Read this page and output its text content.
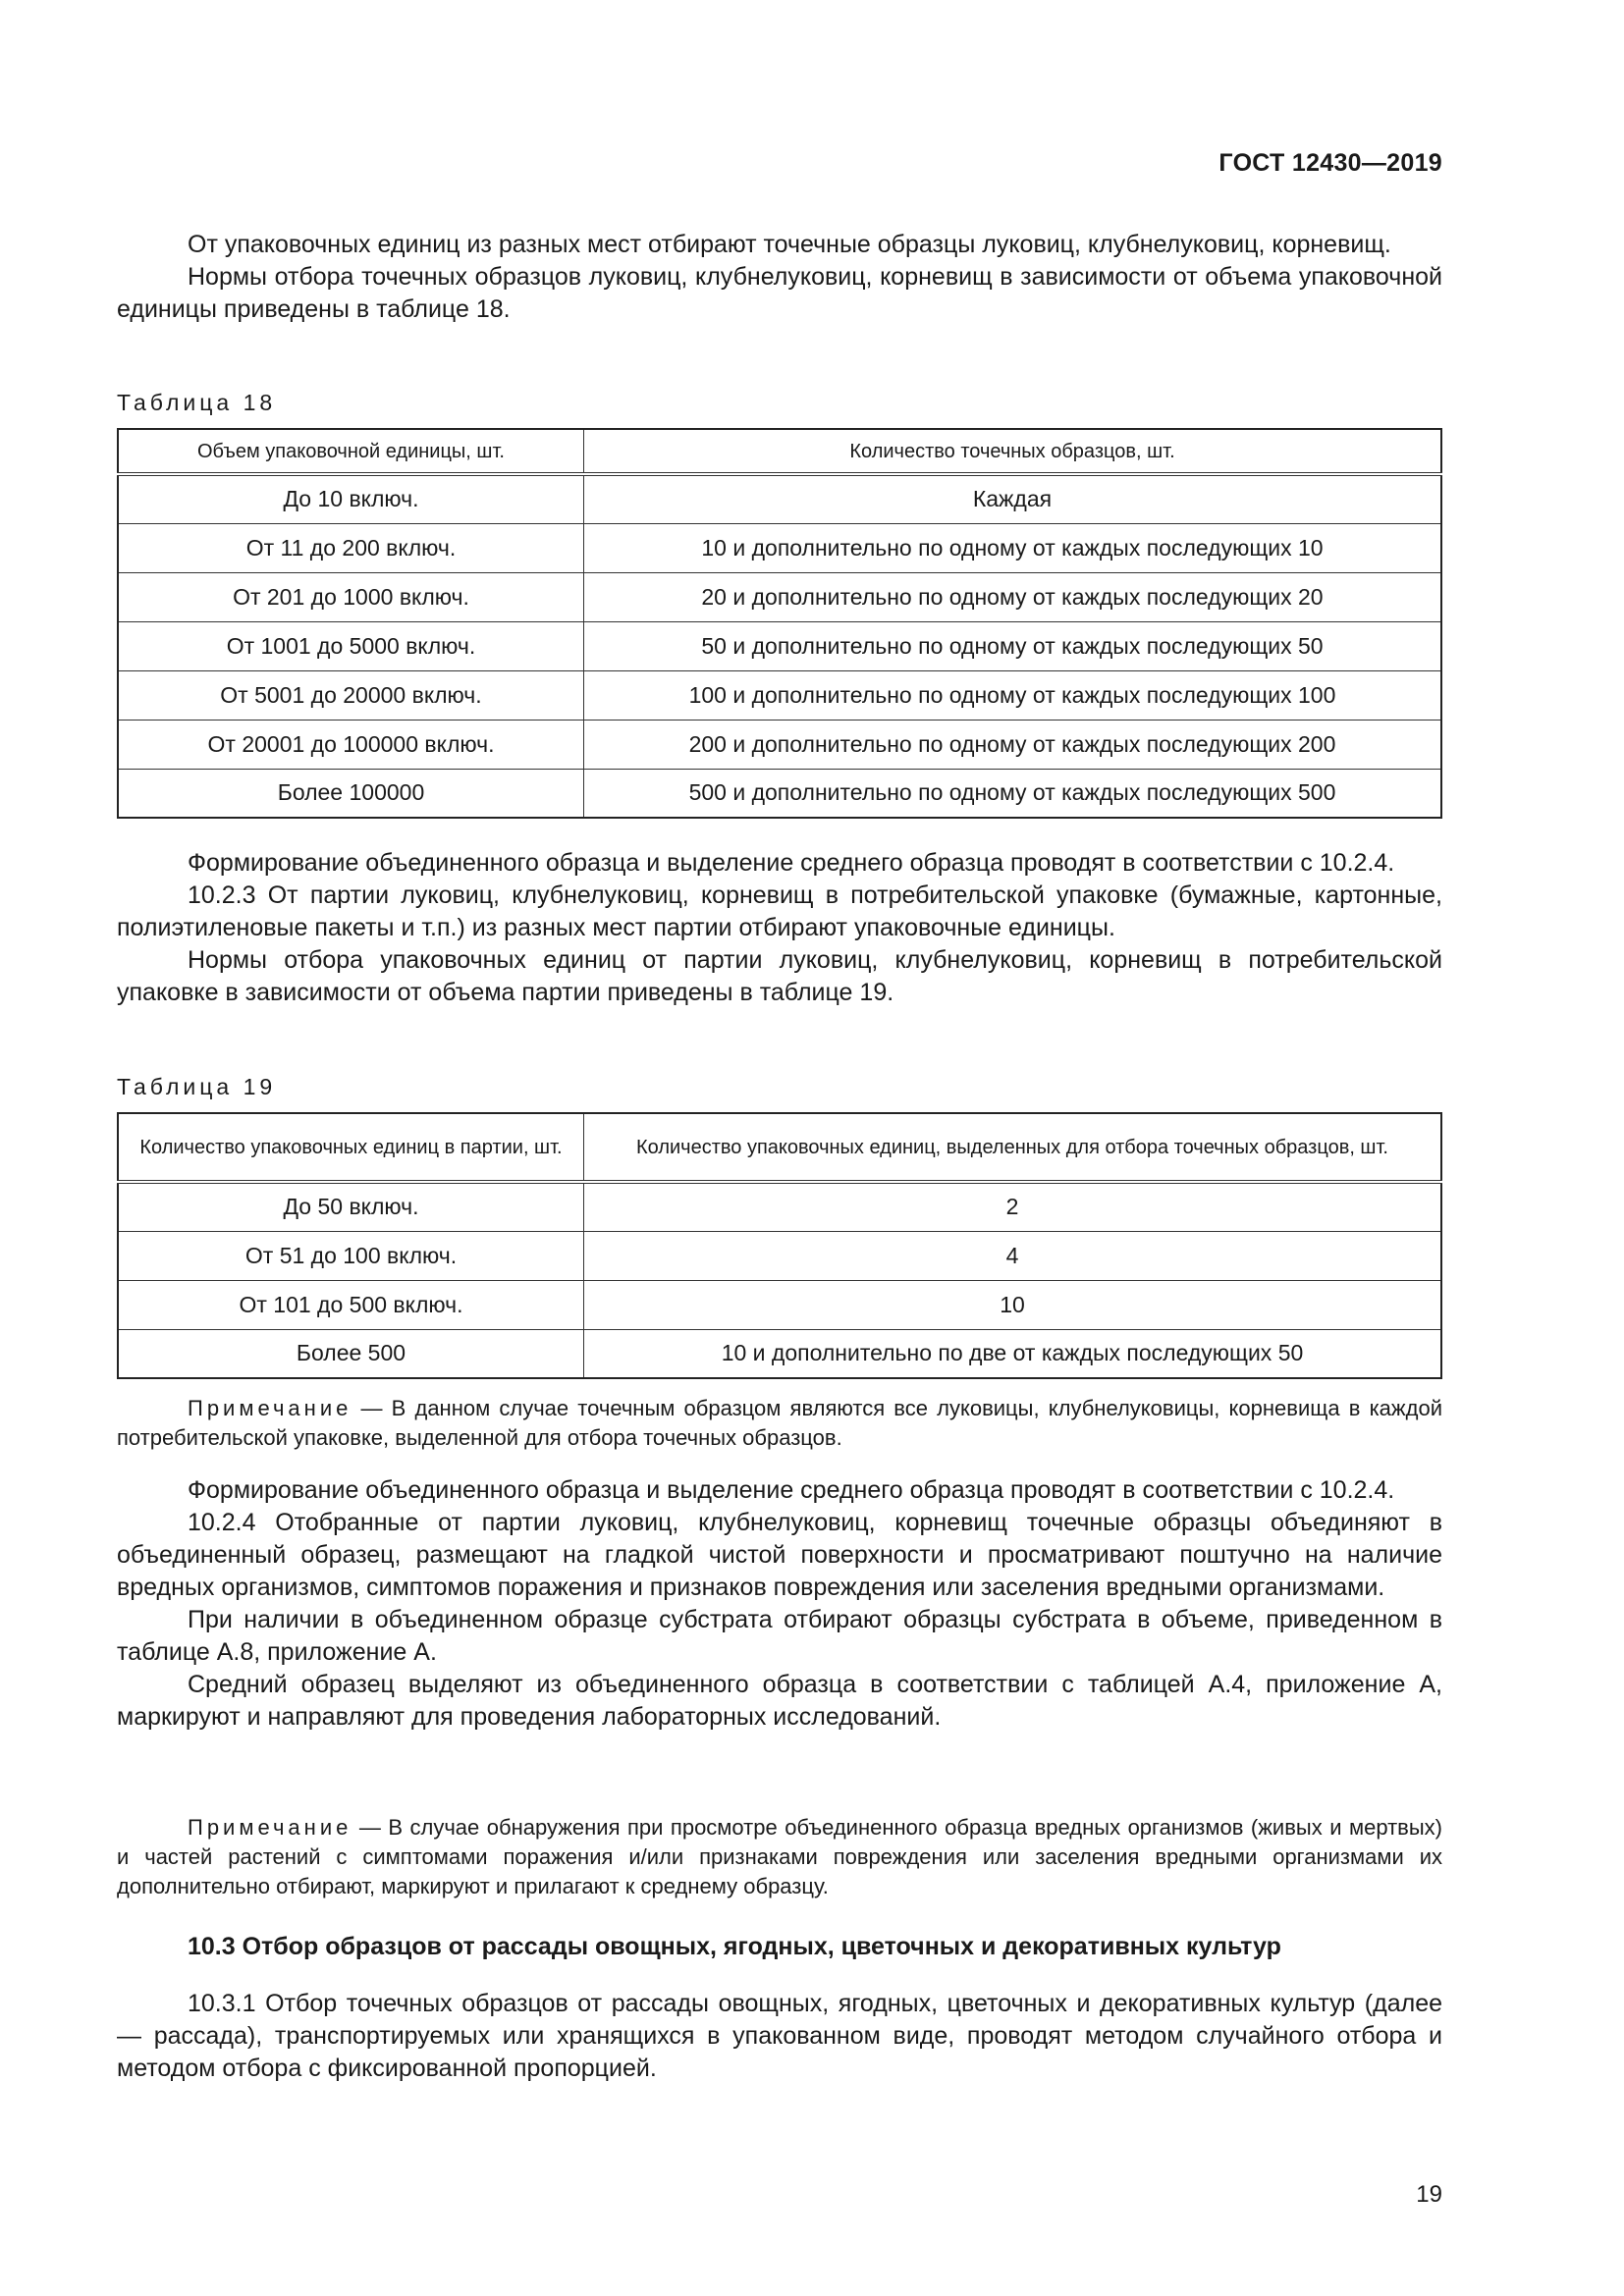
ГОСТ 12430—2019

От упаковочных единиц из разных мест отбирают точечные образцы луковиц, клубнелуковиц, корневищ.

Нормы отбора точечных образцов луковиц, клубнелуковиц, корневищ в зависимости от объема упаковочной единицы приведены в таблице 18.

Таблица 18

Объем упаковочной единицы, шт.	Количество точечных образцов, шт.
До 10 включ.	Каждая
От 11 до 200 включ.	10 и дополнительно по одному от каждых последующих 10
От 201 до 1000 включ.	20 и дополнительно по одному от каждых последующих 20
От 1001 до 5000 включ.	50 и дополнительно по одному от каждых последующих 50
От 5001 до 20000 включ.	100 и дополнительно по одному от каждых последующих 100
От 20001 до 100000 включ.	200 и дополнительно по одному от каждых последующих 200
Более 100000	500 и дополнительно по одному от каждых последующих 500

Формирование объединенного образца и выделение среднего образца проводят в соответствии с 10.2.4.

10.2.3 От партии луковиц, клубнелуковиц, корневищ в потребительской упаковке (бумажные, картонные, полиэтиленовые пакеты и т.п.) из разных мест партии отбирают упаковочные единицы.

Нормы отбора упаковочных единиц от партии луковиц, клубнелуковиц, корневищ в потребительской упаковке в зависимости от объема партии приведены в таблице 19.

Таблица 19

Количество упаковочных единиц в партии, шт.	Количество упаковочных единиц, выделенных для отбора точечных образцов, шт.
До 50 включ.	2
От 51 до 100 включ.	4
От 101 до 500 включ.	10
Более 500	10 и дополнительно по две от каждых последующих 50

Примечание — В данном случае точечным образцом являются все луковицы, клубнелуковицы, корневища в каждой потребительской упаковке, выделенной для отбора точечных образцов.

Формирование объединенного образца и выделение среднего образца проводят в соответствии с 10.2.4.

10.2.4 Отобранные от партии луковиц, клубнелуковиц, корневищ точечные образцы объединяют в объединенный образец, размещают на гладкой чистой поверхности и просматривают поштучно на наличие вредных организмов, симптомов поражения и признаков повреждения или заселения вредными организмами.

При наличии в объединенном образце субстрата отбирают образцы субстрата в объеме, приведенном в таблице А.8, приложение А.

Средний образец выделяют из объединенного образца в соответствии с таблицей А.4, приложение А, маркируют и направляют для проведения лабораторных исследований.

Примечание — В случае обнаружения при просмотре объединенного образца вредных организмов (живых и мертвых) и частей растений с симптомами поражения и/или признаками повреждения или заселения вредными организмами их дополнительно отбирают, маркируют и прилагают к среднему образцу.

10.3 Отбор образцов от рассады овощных, ягодных, цветочных и декоративных культур

10.3.1 Отбор точечных образцов от рассады овощных, ягодных, цветочных и декоративных культур (далее — рассада), транспортируемых или хранящихся в упакованном виде, проводят методом случайного отбора и методом отбора с фиксированной пропорцией.

19
